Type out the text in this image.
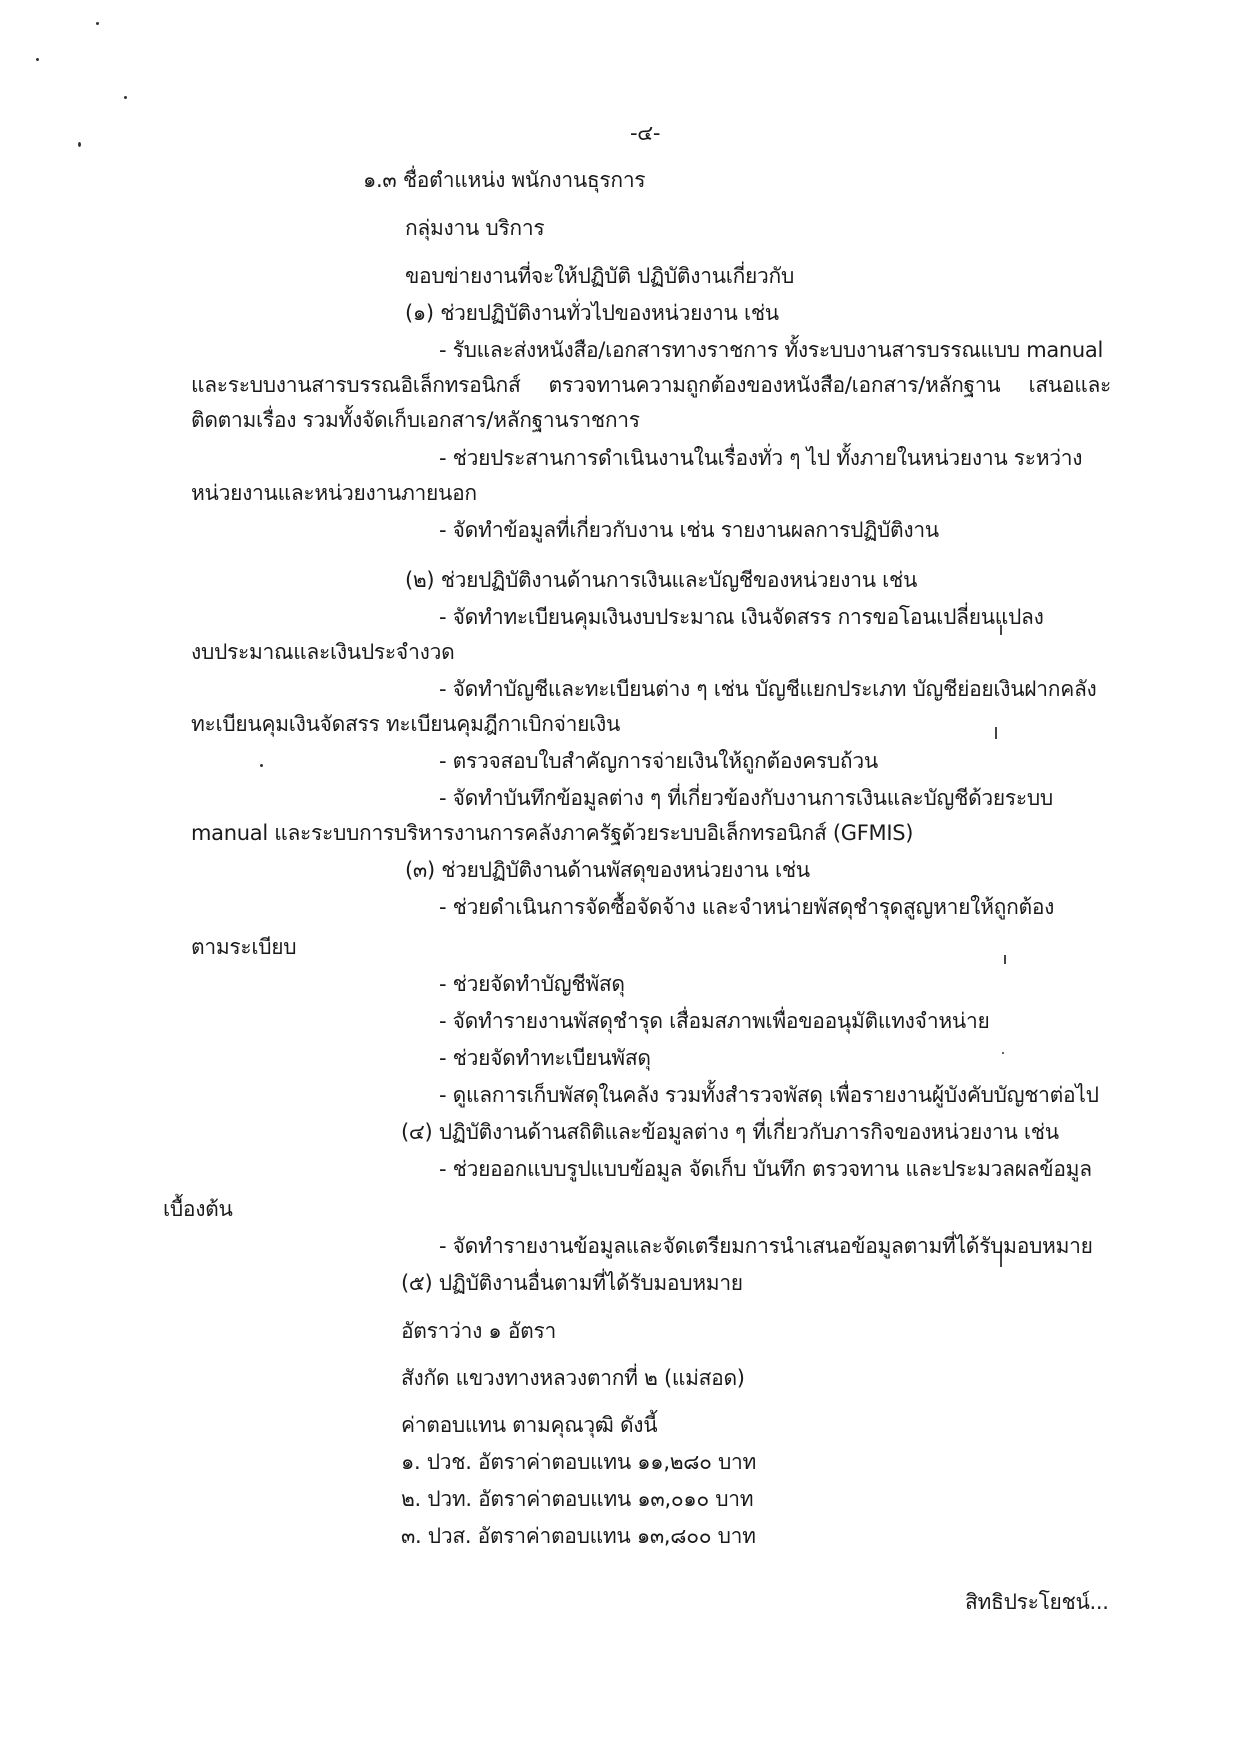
-๔-
๑.๓ ชื่อตำแหน่ง พนักงานธุรการ
กลุ่มงาน บริการ
ขอบข่ายงานที่จะให้ปฏิบัติ ปฏิบัติงานเกี่ยวกับ
(๑) ช่วยปฏิบัติงานทั่วไปของหน่วยงาน เช่น
- รับและส่งหนังสือ/เอกสารทางราชการ ทั้งระบบงานสารบรรณแบบ manual
และระบบงานสารบรรณอิเล็กทรอนิกส์ ตรวจทานความถูกต้องของหนังสือ/เอกสาร/หลักฐาน เสนอและ
ติดตามเรื่อง รวมทั้งจัดเก็บเอกสาร/หลักฐานราชการ
- ช่วยประสานการดำเนินงานในเรื่องทั่ว ๆ ไป ทั้งภายในหน่วยงาน ระหว่าง
หน่วยงานและหน่วยงานภายนอก
- จัดทำข้อมูลที่เกี่ยวกับงาน เช่น รายงานผลการปฏิบัติงาน
(๒) ช่วยปฏิบัติงานด้านการเงินและบัญชีของหน่วยงาน เช่น
- จัดทำทะเบียนคุมเงินงบประมาณ เงินจัดสรร การขอโอนเปลี่ยนแปลง
งบประมาณและเงินประจำงวด
- จัดทำบัญชีและทะเบียนต่าง ๆ เช่น บัญชีแยกประเภท บัญชีย่อยเงินฝากคลัง
ทะเบียนคุมเงินจัดสรร ทะเบียนคุมฎีกาเบิกจ่ายเงิน
- ตรวจสอบใบสำคัญการจ่ายเงินให้ถูกต้องครบถ้วน
- จัดทำบันทึกข้อมูลต่าง ๆ ที่เกี่ยวข้องกับงานการเงินและบัญชีด้วยระบบ
manual และระบบการบริหารงานการคลังภาครัฐด้วยระบบอิเล็กทรอนิกส์ (GFMIS)
(๓) ช่วยปฏิบัติงานด้านพัสดุของหน่วยงาน เช่น
- ช่วยดำเนินการจัดซื้อจัดจ้าง และจำหน่ายพัสดุชำรุดสูญหายให้ถูกต้อง
ตามระเบียบ
- ช่วยจัดทำบัญชีพัสดุ
- จัดทำรายงานพัสดุชำรุด เสื่อมสภาพเพื่อขออนุมัติแทงจำหน่าย
- ช่วยจัดทำทะเบียนพัสดุ
- ดูแลการเก็บพัสดุในคลัง รวมทั้งสำรวจพัสดุ เพื่อรายงานผู้บังคับบัญชาต่อไป
(๔) ปฏิบัติงานด้านสถิติและข้อมูลต่าง ๆ ที่เกี่ยวกับภารกิจของหน่วยงาน เช่น
- ช่วยออกแบบรูปแบบข้อมูล จัดเก็บ บันทึก ตรวจทาน และประมวลผลข้อมูล
เบื้องต้น
- จัดทำรายงานข้อมูลและจัดเตรียมการนำเสนอข้อมูลตามที่ได้รับมอบหมาย
(๕) ปฏิบัติงานอื่นตามที่ได้รับมอบหมาย
อัตราว่าง ๑ อัตรา
สังกัด แขวงทางหลวงตากที่ ๒ (แม่สอด)
ค่าตอบแทน ตามคุณวุฒิ ดังนี้
๑. ปวช. อัตราค่าตอบแทน ๑๑,๒๘๐ บาท
๒. ปวท. อัตราค่าตอบแทน ๑๓,๐๑๐ บาท
๓. ปวส. อัตราค่าตอบแทน ๑๓,๘๐๐ บาท
สิทธิประโยชน์...
